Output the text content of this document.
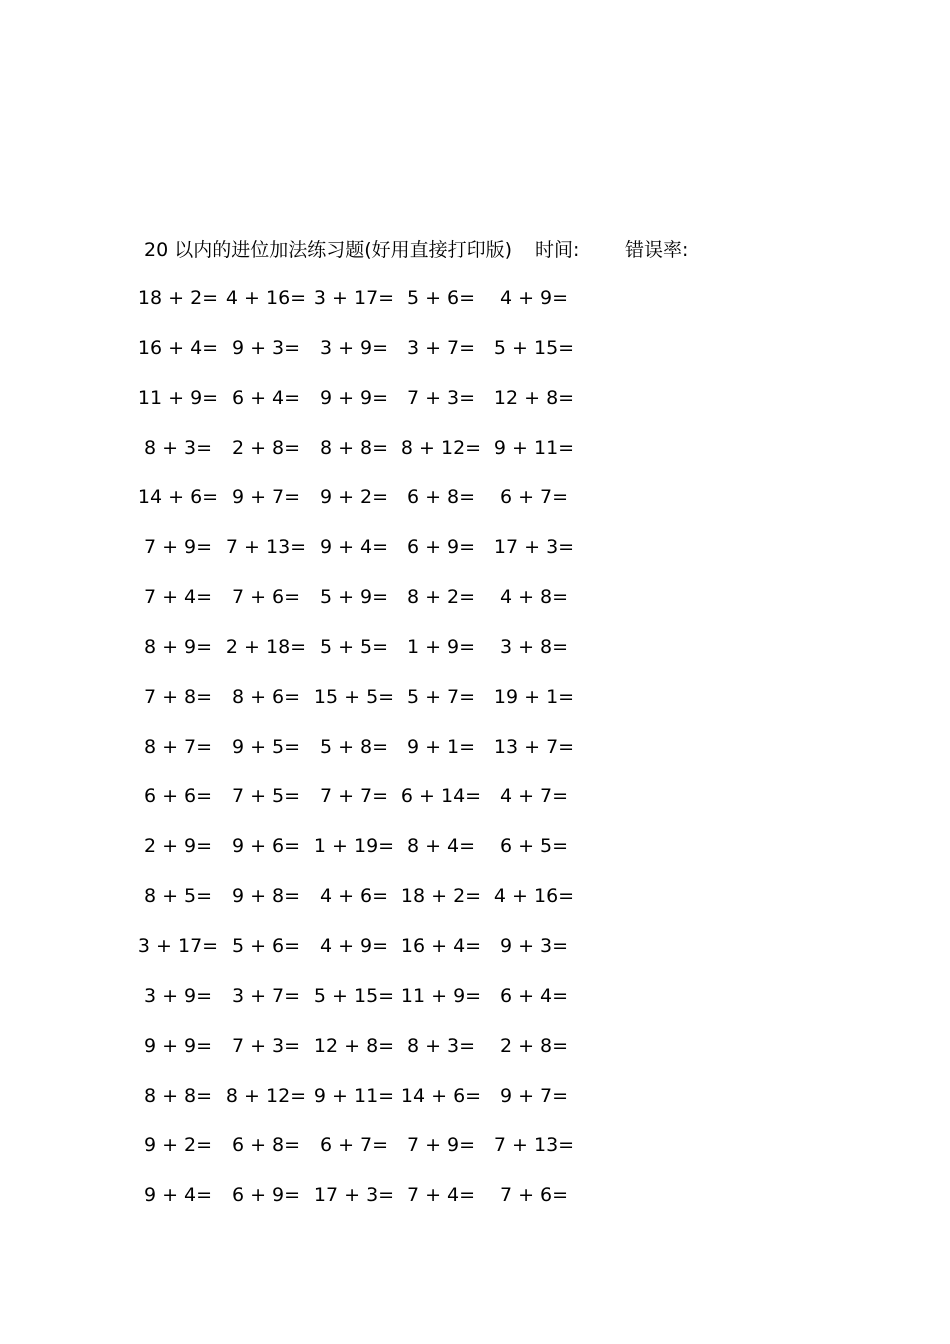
20 以内的进位加法练习题(好用直接打印版) 时间: 错误率:
18 + 2= 4 + 16= 3 + 17= 5 + 6=	4 + 9=
16 + 4= 9 + 3=	3 + 9= 3 + 7= 5 + 15=
11 + 9= 6 + 4=	9 + 9= 7 + 3= 12 + 8=
8 + 3=	2 + 8=	8 + 8= 8 + 12= 9 + 11=
14 + 6= 9 + 7=	9 + 2= 6 + 8=	6 + 7=
7 + 9= 7 + 13= 9 + 4= 6 + 9= 17 + 3=
7 + 4=	7 + 6=	5 + 9= 8 + 2=	4 + 8=
8 + 9= 2 + 18= 5 + 5= 1 + 9=	3 + 8=
7 + 8=	8 + 6= 15 + 5= 5 + 7= 19 + 1=
8 + 7=	9 + 5=	5 + 8= 9 + 1= 13 + 7=
6 + 6=	7 + 5=	7 + 7= 6 + 14= 4 + 7=
2 + 9=	9 + 6= 1 + 19= 8 + 4=	6 + 5=
8 + 5=	9 + 8=	4 + 6= 18 + 2= 4 + 16=
3 + 17= 5 + 6=	4 + 9= 16 + 4= 9 + 3=
3 + 9=	3 + 7= 5 + 15= 11 + 9= 6 + 4=
9 + 9=	7 + 3= 12 + 8= 8 + 3=	2 + 8=
8 + 8= 8 + 12= 9 + 11= 14 + 6= 9 + 7=
9 + 2=	6 + 8=	6 + 7= 7 + 9= 7 + 13=
9 + 4=	6 + 9= 17 + 3= 7 + 4=	7 + 6=
